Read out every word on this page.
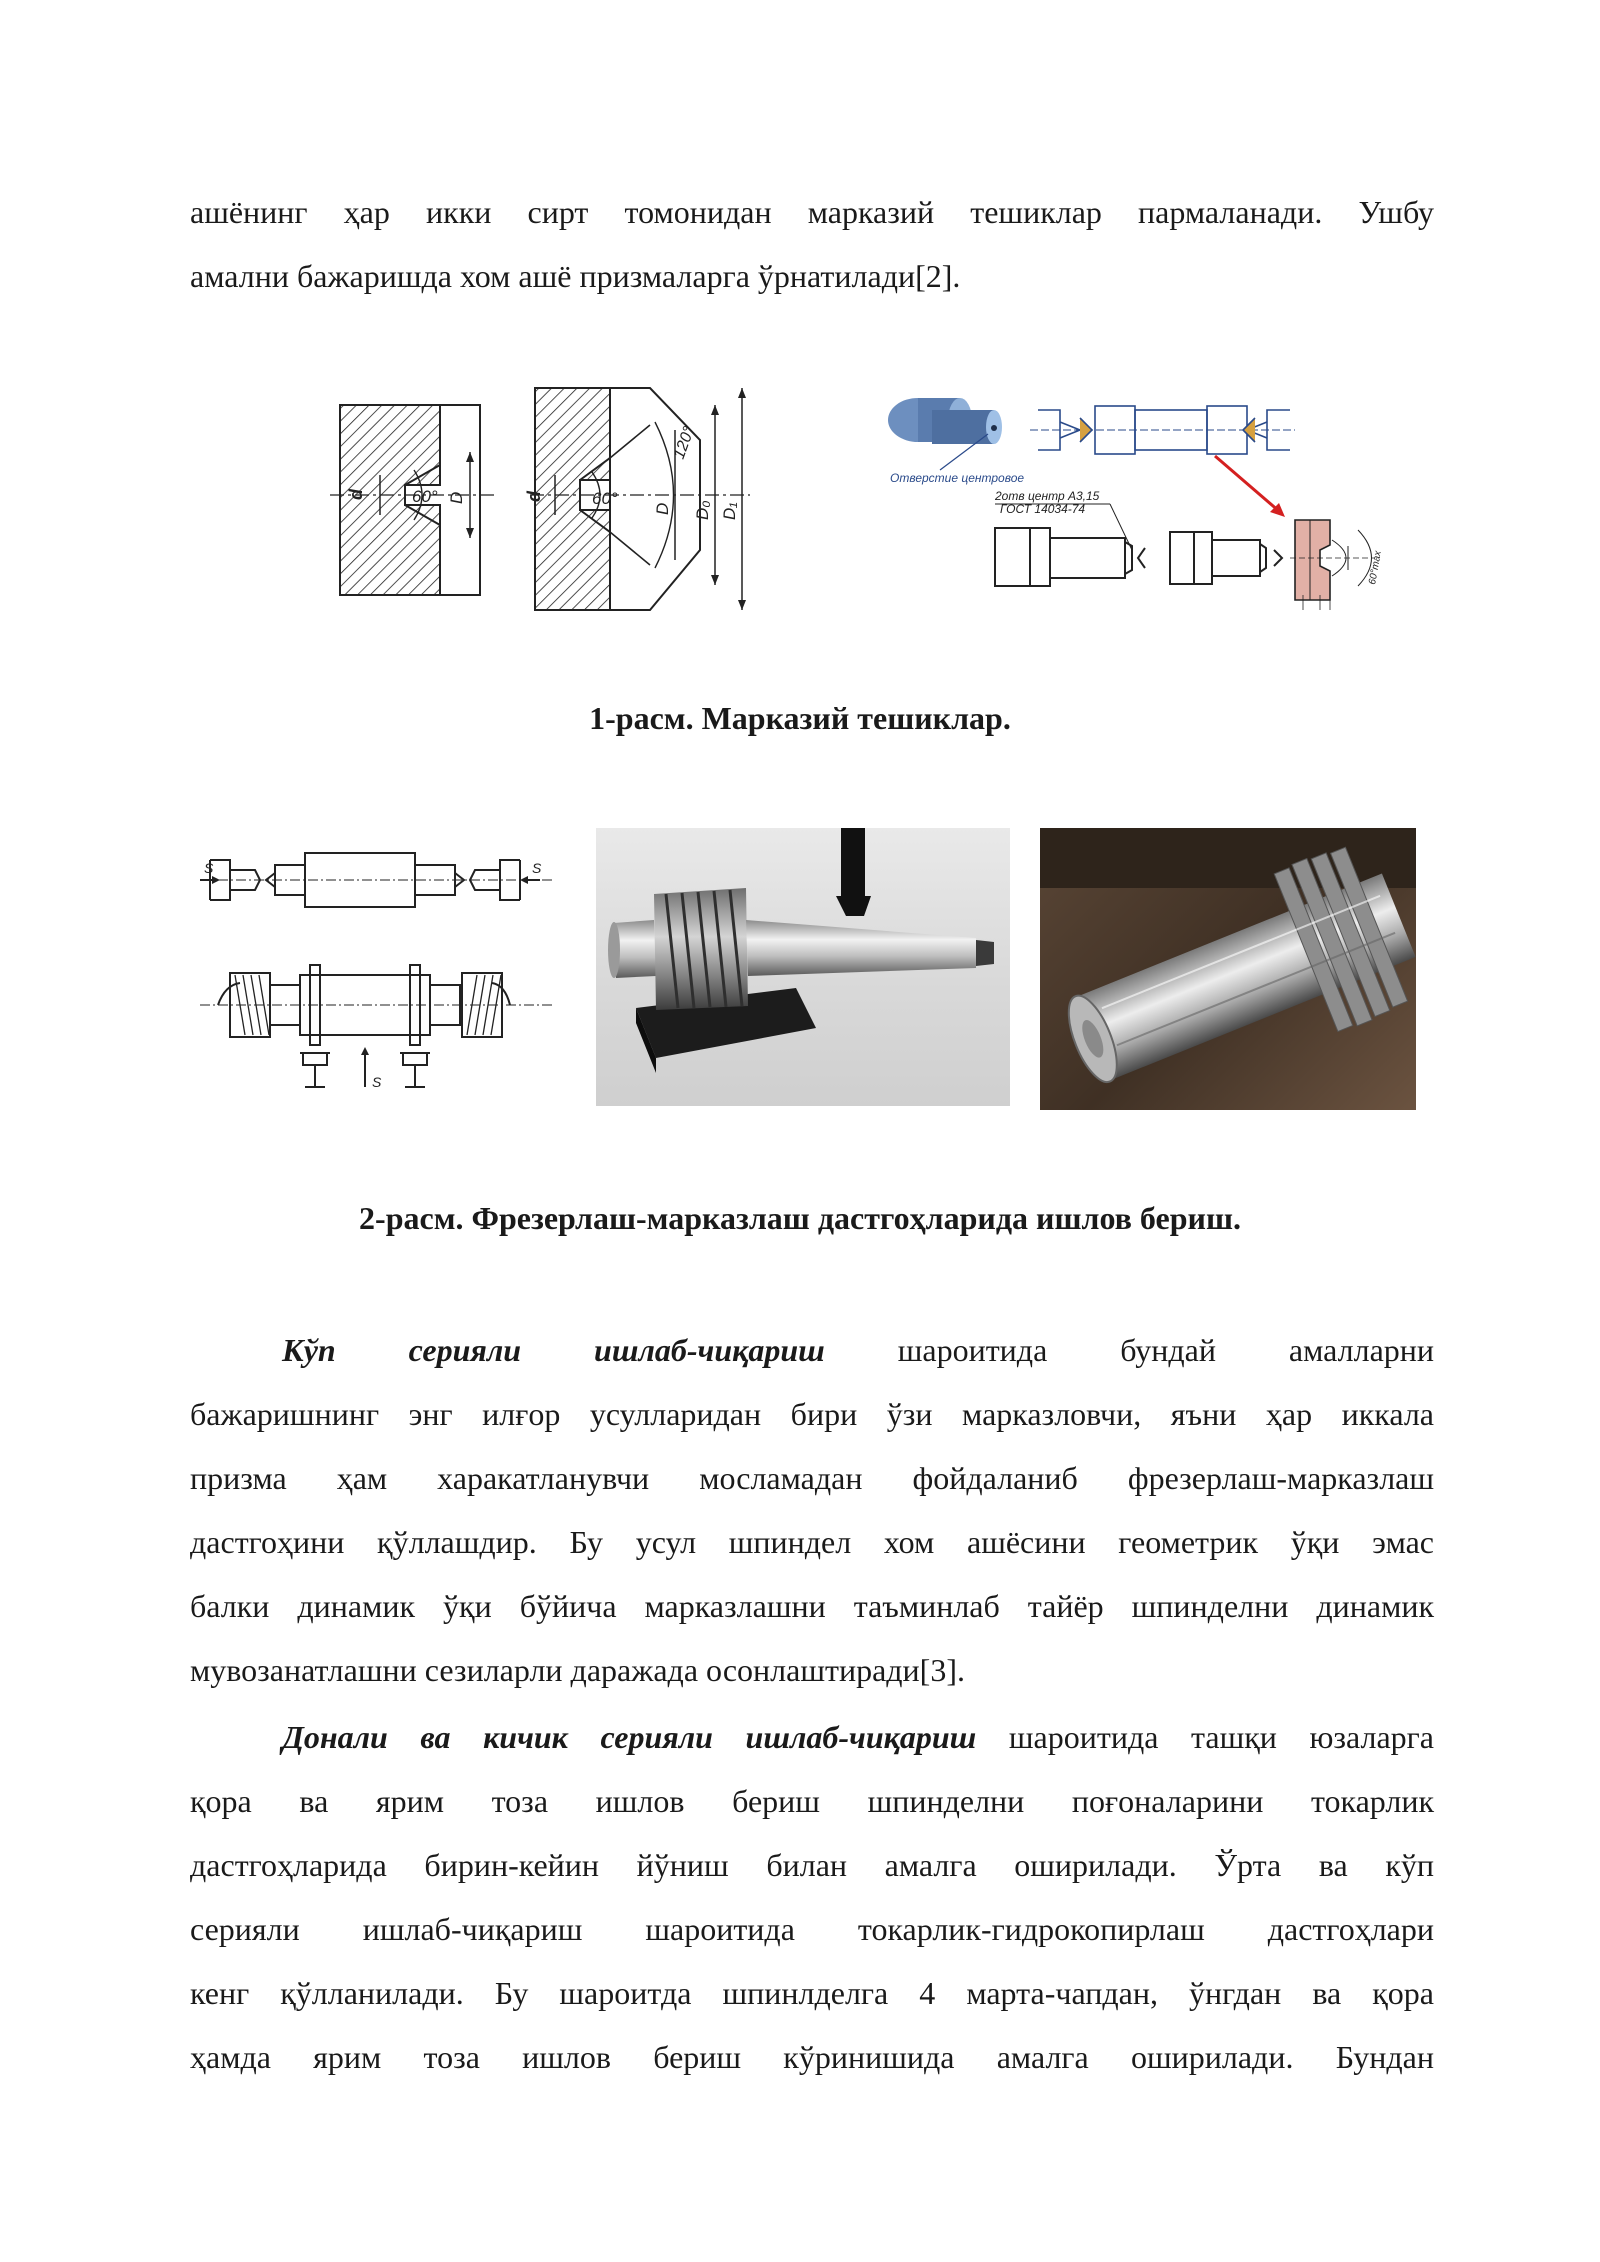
ашёнинг ҳар икки сирт томонидан марказий тешиклар пармаланади. Ушбу
амални бажаришда хом ашё призмаларга ўрнатилади[2].
d	60° D	d	60°
D
120°
D₀ D₁
Отверстие центровое
2отв центр А3,15
ГОСТ 14034-74
60°max
1-расм. Марказий тешиклар.
S	S
S
2-расм. Фрезерлаш-марказлаш дастгоҳларида ишлов бериш.
Кўп серияли ишлаб-чиқариш шароитида бундай амалларни
бажаришнинг энг илғор усулларидан бири ўзи марказловчи, яъни ҳар иккала
призма ҳам харакатланувчи мосламадан фойдаланиб фрезерлаш-марказлаш
дастгоҳини қўллашдир. Бу усул шпиндел хом ашёсини геометрик ўқи эмас
балки динамик ўқи бўйича марказлашни таъминлаб тайёр шпинделни динамик
мувозанатлашни сезиларли даражада осонлаштиради[3].
Донали ва кичик серияли ишлаб-чиқариш шароитида ташқи юзаларга
қора ва ярим тоза ишлов бериш шпинделни поғоналарини токарлик
дастгоҳларида бирин-кейин йўниш билан амалга оширилади. Ўрта ва кўп
серияли ишлаб-чиқариш шароитида токарлик-гидрокопирлаш дастгоҳлари
кенг қўлланилади. Бу шароитда шпинлделга 4 марта-чапдан, ўнгдан ва қора
ҳамда ярим тоза ишлов бериш кўринишида амалга оширилади. Бундан
